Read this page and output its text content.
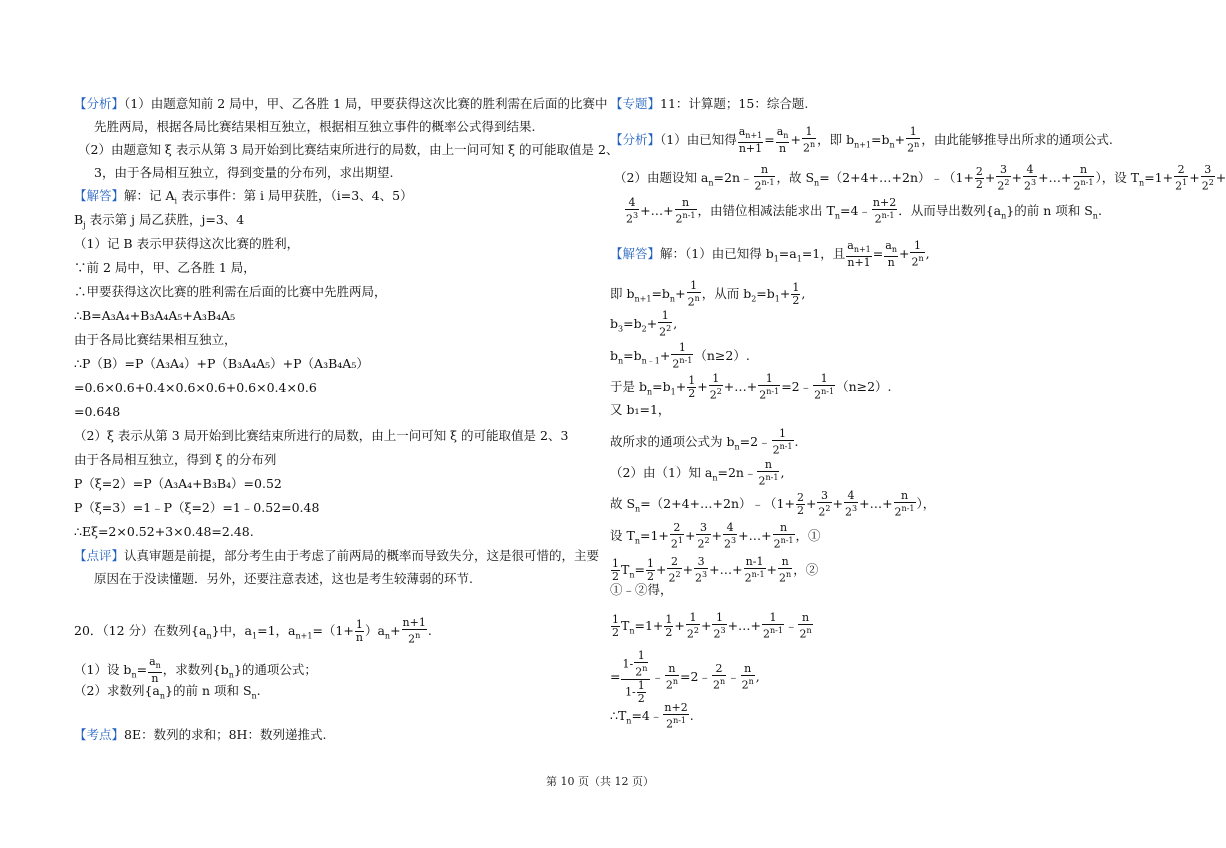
【分析】（1）由题意知前 2 局中，甲、乙各胜 1 局，甲要获得这次比赛的胜利需在后面的比赛中
先胜两局，根据各局比赛结果相互独立，根据相互独立事件的概率公式得到结果.
（2）由题意知 ξ 表示从第 3 局开始到比赛结束所进行的局数，由上一问可知 ξ 的可能取值是 2、
3，由于各局相互独立，得到变量的分布列，求出期望.
【解答】解：记 $A_i$ 表示事件：第 i 局甲获胜，（i=3、4、5）
$B_j$ 表示第 j 局乙获胜，j=3、4
（1）记 B 表示甲获得这次比赛的胜利，
∵前 2 局中，甲、乙各胜 1 局，
∴甲要获得这次比赛的胜利需在后面的比赛中先胜两局，
∴B=A₃A₄+B₃A₄A₅+A₃B₄A₅
由于各局比赛结果相互独立，
∴P（B）=P（A₃A₄）+P（B₃A₄A₅）+P（A₃B₄A₅）
=0.6×0.6+0.4×0.6×0.6+0.6×0.4×0.6
=0.648
（2）ξ 表示从第 3 局开始到比赛结束所进行的局数，由上一问可知 ξ 的可能取值是 2、3
由于各局相互独立，得到 ξ 的分布列
P（ξ=2）=P（A₃A₄+B₃B₄）=0.52
P（ξ=3）=1﹣P（ξ=2）=1﹣0.52=0.48
∴Eξ=2×0.52+3×0.48=2.48.
【点评】认真审题是前提，部分考生由于考虑了前两局的概率而导致失分，这是很可惜的，主要
原因在于没读懂题．另外，还要注意表述，这也是考生较薄弱的环节.
20．（12 分）在数列$\{a_n\}$中，$a_1=1$，$a_{n+1}=(1+ \frac{1}{n} )a_n+ \frac{n+1}{2^n}$ .
（1）设 $b_n= \frac{a_n}{n}$ ，求数列$\{b_n\}$的通项公式；
（2）求数列$\{a_n\}$的前 n 项和 $S_n$.
【考点】8E：数列的求和；8H：数列递推式.
【专题】11：计算题；15：综合题.
【分析】（1）由已知得 $\frac{a_{n+1}}{n+1} = \frac{a_n}{n} + \frac{1}{2^n}$ ，即 $b_{n+1}=b_n+ \frac{1}{2^n}$ ，由此能够推导出所求的通项公式.
（2）由题设知 $a_n=2n﹣ \frac{n}{2^{n-1}}$ ，故 $S_n=(2+4+\dots+2n)﹣(1+ \frac{2}{2} + \frac{3}{2^2} + \frac{4}{2^3}$ +…+ $\frac{n}{2^{n-1}}$ ），设 $T_n=1+ \frac{2}{2^1} + \frac{3}{2^2}$ +
$\frac{4}{2^3}$ +…+ $\frac{n}{2^{n-1}}$ ，由错位相减法能求出 $T_n=4﹣ \frac{n+2}{2^{n-1}}$ ．从而导出数列$\{a_n\}$的前 n 项和 $S_n$.
【解答】解：（1）由已知得 $b_1=a_1=1$，且 $\frac{a_{n+1}}{n+1} = \frac{a_n}{n} + \frac{1}{2^n}$ ,
即 $b_{n+1}=b_n+ \frac{1}{2^n}$ ，从而 $b_2=b_1+ \frac{1}{2}$ ,
$b_3=b_2+ \frac{1}{2^2}$ ,
$b_n=b_{n﹣1}+ \frac{1}{2^{n-1}} (n\ge 2)$.
于是 $b_n=b_1+ \frac{1}{2} + \frac{1}{2^2}$ +…+ $\frac{1}{2^{n-1}}$ =2﹣ $\frac{1}{2^{n-1}} (n\ge 2)$.
又 b₁=1，
故所求的通项公式为 $b_n=2﹣ \frac{1}{2^{n-1}}$ .
（2）由（1）知 $a_n=2n﹣ \frac{n}{2^{n-1}}$ ,
故 $S_n=(2+4+\dots+2n)﹣(1+ \frac{2}{2} + \frac{3}{2^2} + \frac{4}{2^3}$ +…+ $\frac{n}{2^{n-1}}$ ），
设 $T_n=1+ \frac{2}{2^1} + \frac{3}{2^2} + \frac{4}{2^3}$ +…+ $\frac{n}{2^{n-1}}$ ，①
$\frac{1}{2} T_n= \frac{1}{2} + \frac{2}{2^2} + \frac{3}{2^3}$ +…+ $\frac{n-1}{2^{n-1}} + \frac{n}{2^n}$ ，②
①﹣②得，
$\frac{1}{2} T_n=1+ \frac{1}{2} + \frac{1}{2^2} + \frac{1}{2^3}$ +…+ $\frac{1}{2^{n-1}}$ ﹣ $\frac{n}{2^n}$
= $\frac{1- \frac{1}{2^n}}{1- \frac{1}{2}}$ ﹣ $\frac{n}{2^n}$ =2﹣ $\frac{2}{2^n}$ ﹣ $\frac{n}{2^n}$ ,
$\therefore T_n=4﹣ \frac{n+2}{2^{n-1}}$ .
第 10 页（共 12 页）
